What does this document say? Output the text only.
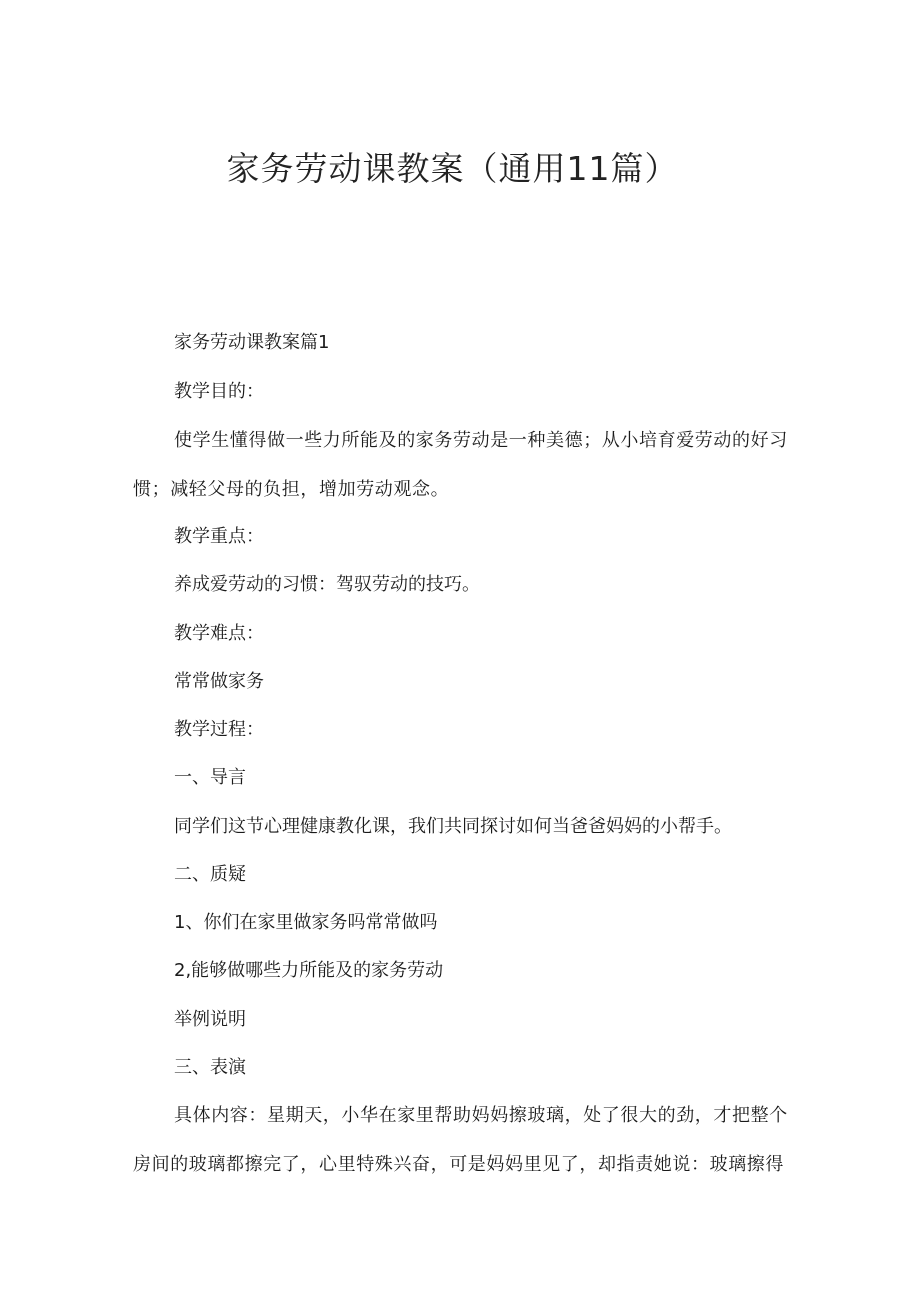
家务劳动课教案（通用11篇）
家务劳动课教案篇1
教学目的：
使学生懂得做一些力所能及的家务劳动是一种美德；从小培育爱劳动的好习惯；减轻父母的负担，增加劳动观念。
教学重点：
养成爱劳动的习惯：驾驭劳动的技巧。
教学难点：
常常做家务
教学过程：
一、导言
同学们这节心理健康教化课，我们共同探讨如何当爸爸妈妈的小帮手。
二、质疑
1、你们在家里做家务吗常常做吗
2,能够做哪些力所能及的家务劳动
举例说明
三、表演
具体内容：星期天，小华在家里帮助妈妈擦玻璃，处了很大的劲，才把整个房间的玻璃都擦完了，心里特殊兴奋，可是妈妈里见了，却指责她说：玻璃擦得
